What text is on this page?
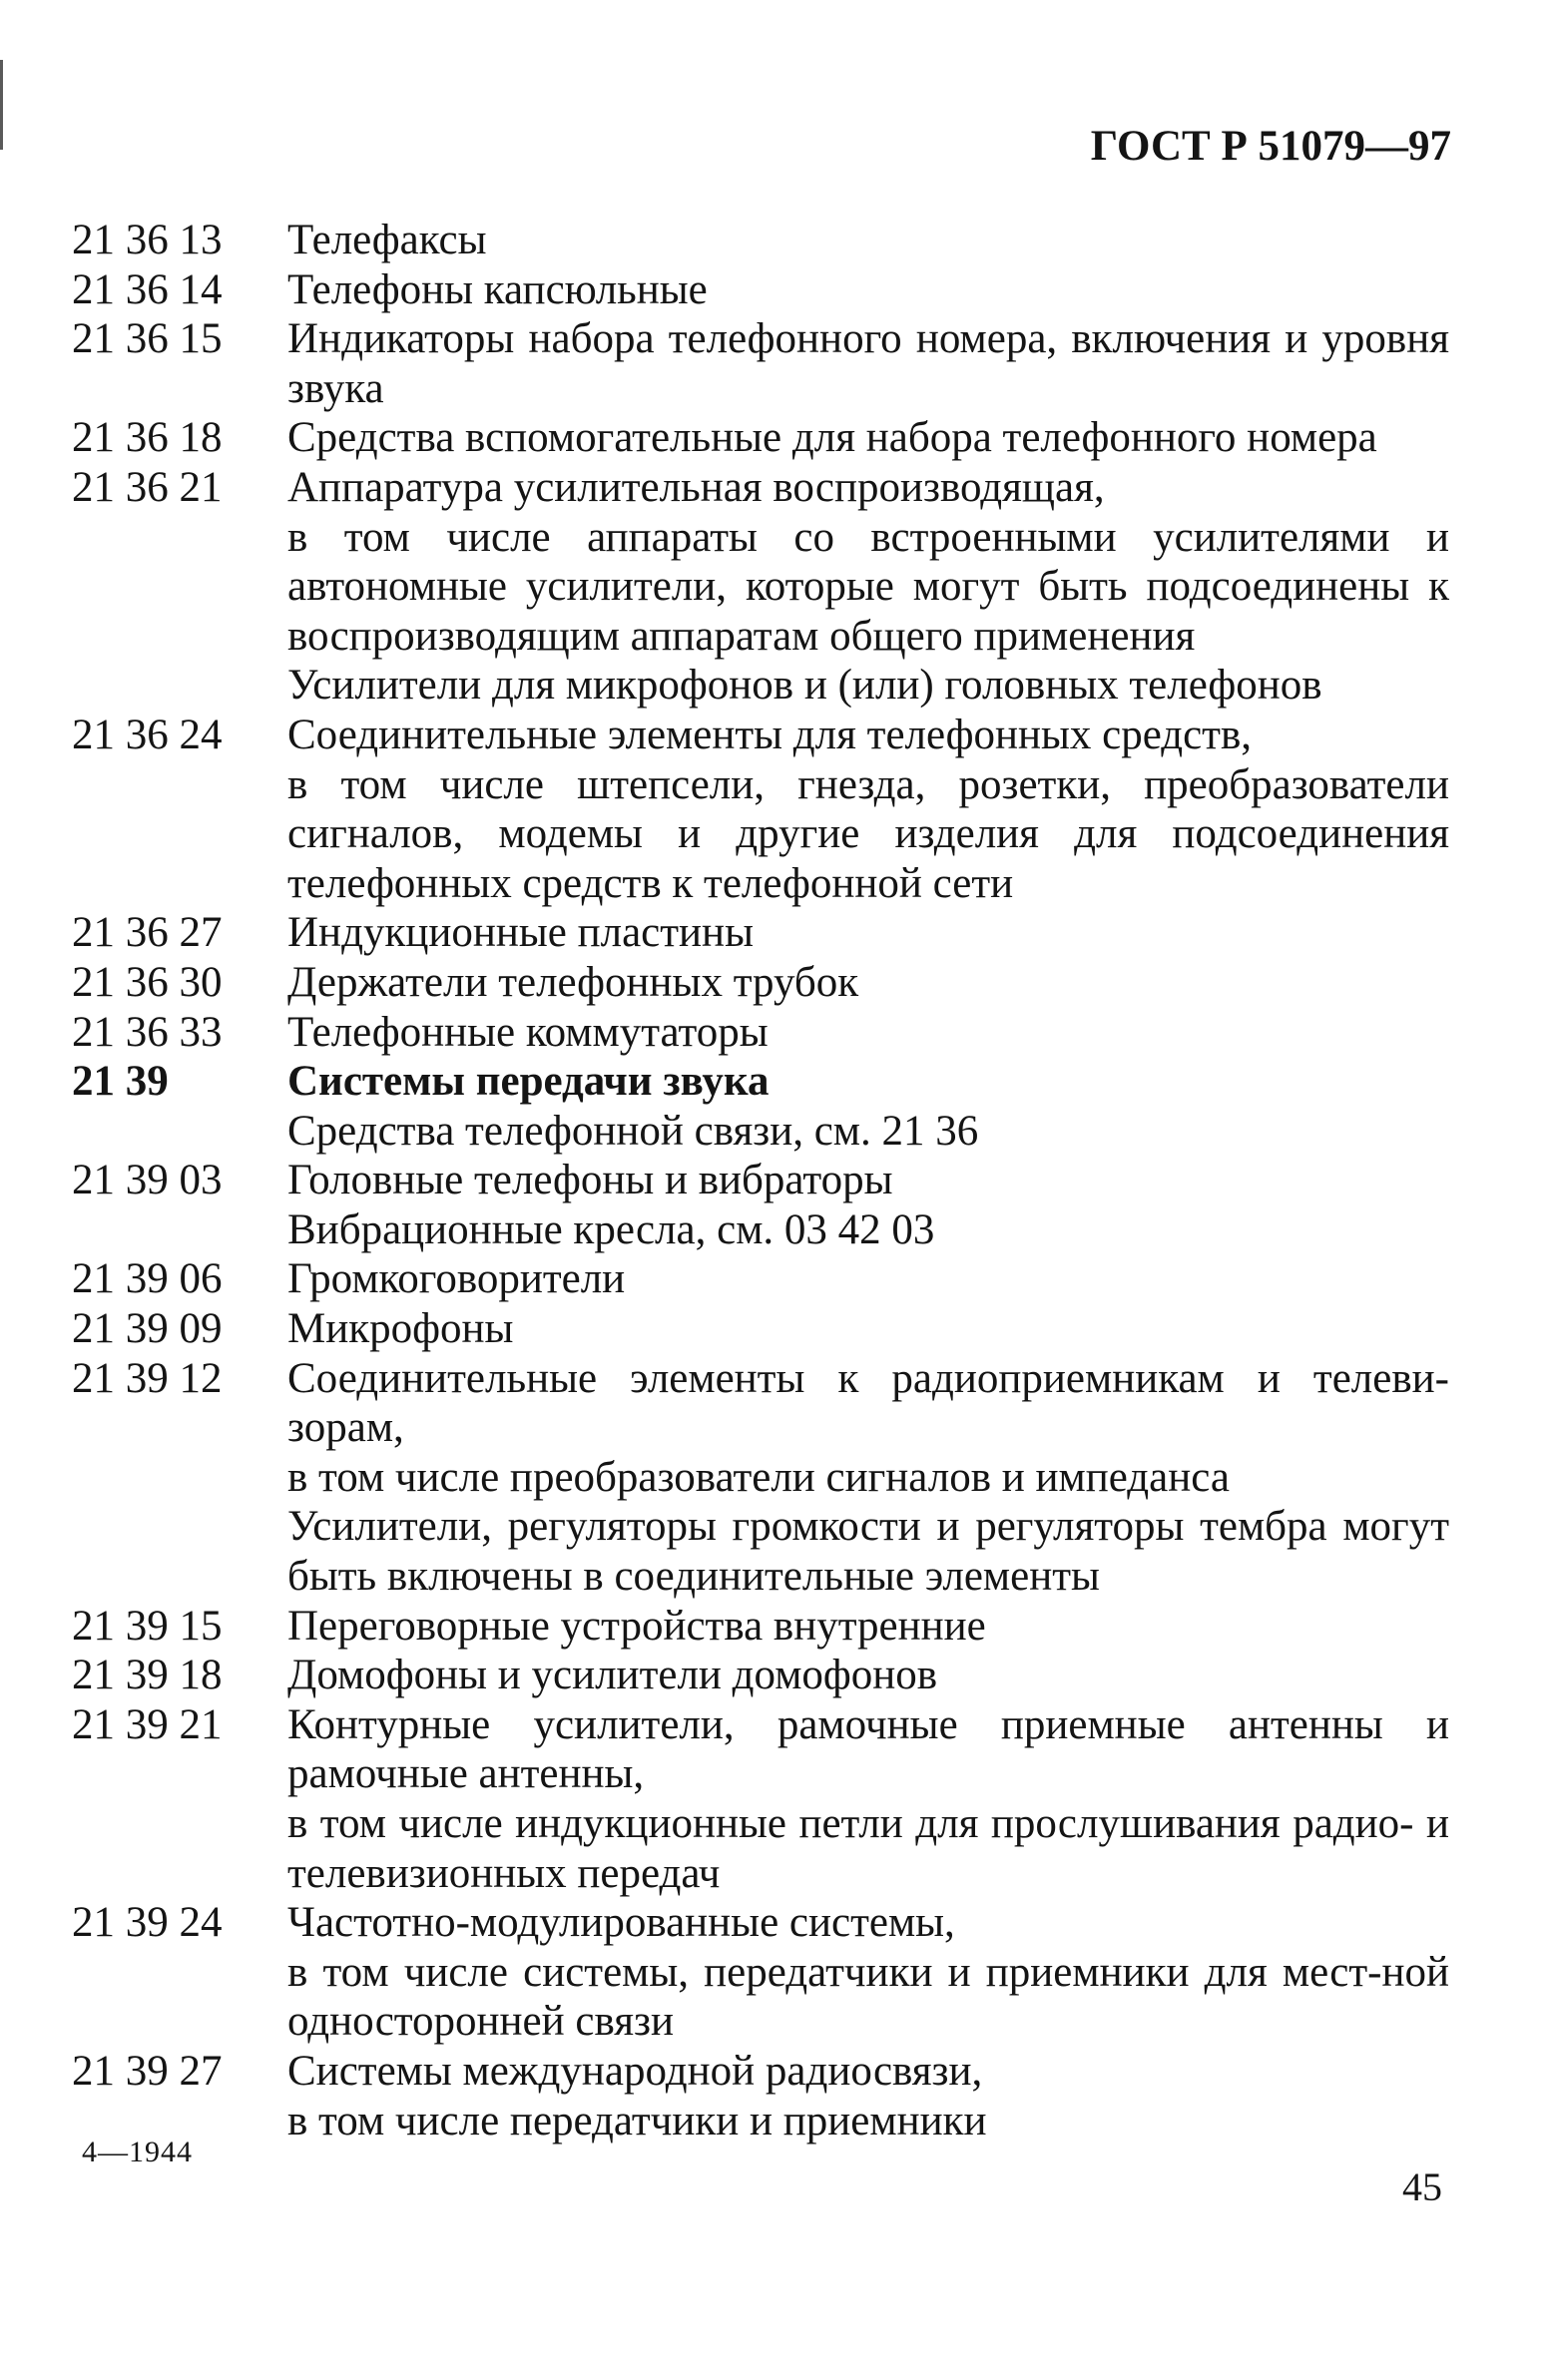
ГОСТ Р 51079—97
21 36 13	Телефаксы
21 36 14	Телефоны капсюльные
21 36 15	Индикаторы набора телефонного номера, включения и уровня звука
21 36 18	Средства вспомогательные для набора телефонного номера
21 36 21	Аппаратура усилительная воспроизводящая,
в том числе аппараты со встроенными усилителями и автономные усилители, которые могут быть подсоединены к воспроизводящим аппаратам общего применения
Усилители для микрофонов и (или) головных телефонов
21 36 24	Соединительные элементы для телефонных средств,
в том числе штепсели, гнезда, розетки, преобразователи сигналов, модемы и другие изделия для подсоединения телефонных средств к телефонной сети
21 36 27	Индукционные пластины
21 36 30	Держатели телефонных трубок
21 36 33	Телефонные коммутаторы
21 39	Системы передачи звука
Средства телефонной связи, см. 21 36
21 39 03	Головные телефоны и вибраторы
Вибрационные кресла, см. 03 42 03
21 39 06	Громкоговорители
21 39 09	Микрофоны
21 39 12	Соединительные элементы к радиоприемникам и телеви-зорам,
в том числе преобразователи сигналов и импеданса
Усилители, регуляторы громкости и регуляторы тембра могут быть включены в соединительные элементы
21 39 15	Переговорные устройства внутренние
21 39 18	Домофоны и усилители домофонов
21 39 21	Контурные усилители, рамочные приемные антенны и рамочные антенны,
в том числе индукционные петли для прослушивания радио- и телевизионных передач
21 39 24	Частотно-модулированные системы,
в том числе системы, передатчики и приемники для мест-ной односторонней связи
21 39 27	Системы международной радиосвязи,
в том числе передатчики и приемники
4—1944
45
